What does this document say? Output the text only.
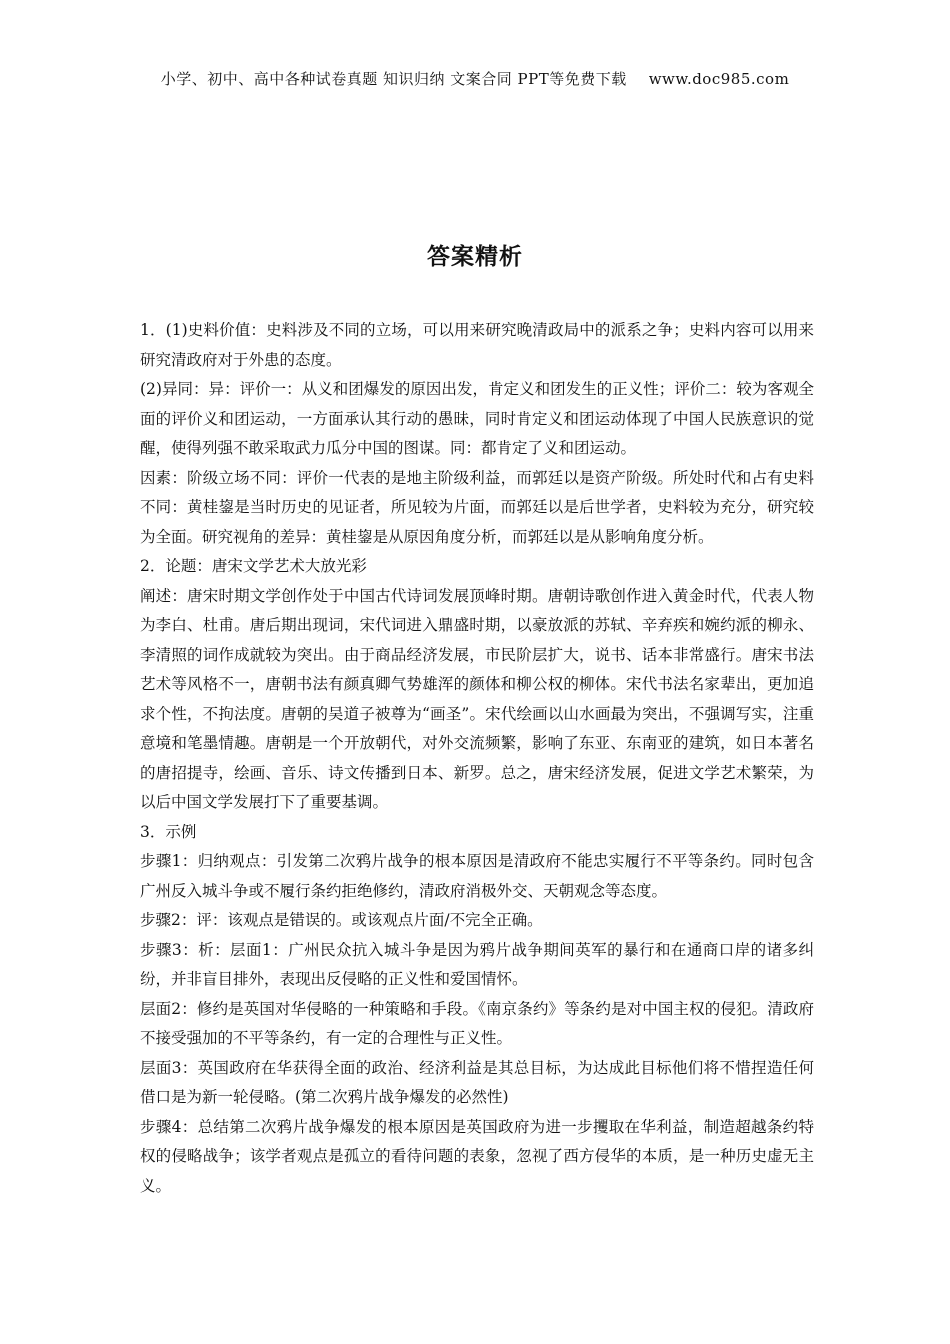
小学、初中、高中各种试卷真题 知识归纳 文案合同 PPT等免费下载 www.doc985.com
答案精析

1．(1)史料价值：史料涉及不同的立场，可以用来研究晚清政局中的派系之争；史料内容可以用来研究清政府对于外患的态度。

(2)异同：异：评价一：从义和团爆发的原因出发，肯定义和团发生的正义性；评价二：较为客观全面的评价义和团运动，一方面承认其行动的愚昧，同时肯定义和团运动体现了中国人民族意识的觉醒，使得列强不敢采取武力瓜分中国的图谋。同：都肯定了义和团运动。

因素：阶级立场不同：评价一代表的是地主阶级利益，而郭廷以是资产阶级。所处时代和占有史料不同：黄桂鋆是当时历史的见证者，所见较为片面，而郭廷以是后世学者，史料较为充分，研究较为全面。研究视角的差异：黄桂鋆是从原因角度分析，而郭廷以是从影响角度分析。

2．论题：唐宋文学艺术大放光彩

阐述：唐宋时期文学创作处于中国古代诗词发展顶峰时期。唐朝诗歌创作进入黄金时代，代表人物为李白、杜甫。唐后期出现词，宋代词进入鼎盛时期，以豪放派的苏轼、辛弃疾和婉约派的柳永、李清照的词作成就较为突出。由于商品经济发展，市民阶层扩大，说书、话本非常盛行。唐宋书法艺术等风格不一，唐朝书法有颜真卿气势雄浑的颜体和柳公权的柳体。宋代书法名家辈出，更加追求个性，不拘法度。唐朝的吴道子被尊为“画圣”。宋代绘画以山水画最为突出，不强调写实，注重意境和笔墨情趣。唐朝是一个开放朝代，对外交流频繁，影响了东亚、东南亚的建筑，如日本著名的唐招提寺，绘画、音乐、诗文传播到日本、新罗。总之，唐宋经济发展，促进文学艺术繁荣，为以后中国文学发展打下了重要基调。

3．示例

步骤1：归纳观点：引发第二次鸦片战争的根本原因是清政府不能忠实履行不平等条约。同时包含广州反入城斗争或不履行条约拒绝修约，清政府消极外交、天朝观念等态度。

步骤2：评：该观点是错误的。或该观点片面/不完全正确。

步骤3：析：层面1：广州民众抗入城斗争是因为鸦片战争期间英军的暴行和在通商口岸的诸多纠纷，并非盲目排外，表现出反侵略的正义性和爱国情怀。

层面2：修约是英国对华侵略的一种策略和手段。《南京条约》等条约是对中国主权的侵犯。清政府不接受强加的不平等条约，有一定的合理性与正义性。

层面3：英国政府在华获得全面的政治、经济利益是其总目标，为达成此目标他们将不惜捏造任何借口是为新一轮侵略。(第二次鸦片战争爆发的必然性)

步骤4：总结第二次鸦片战争爆发的根本原因是英国政府为进一步攫取在华利益，制造超越条约特权的侵略战争；该学者观点是孤立的看待问题的表象，忽视了西方侵华的本质，是一种历史虚无主义。
